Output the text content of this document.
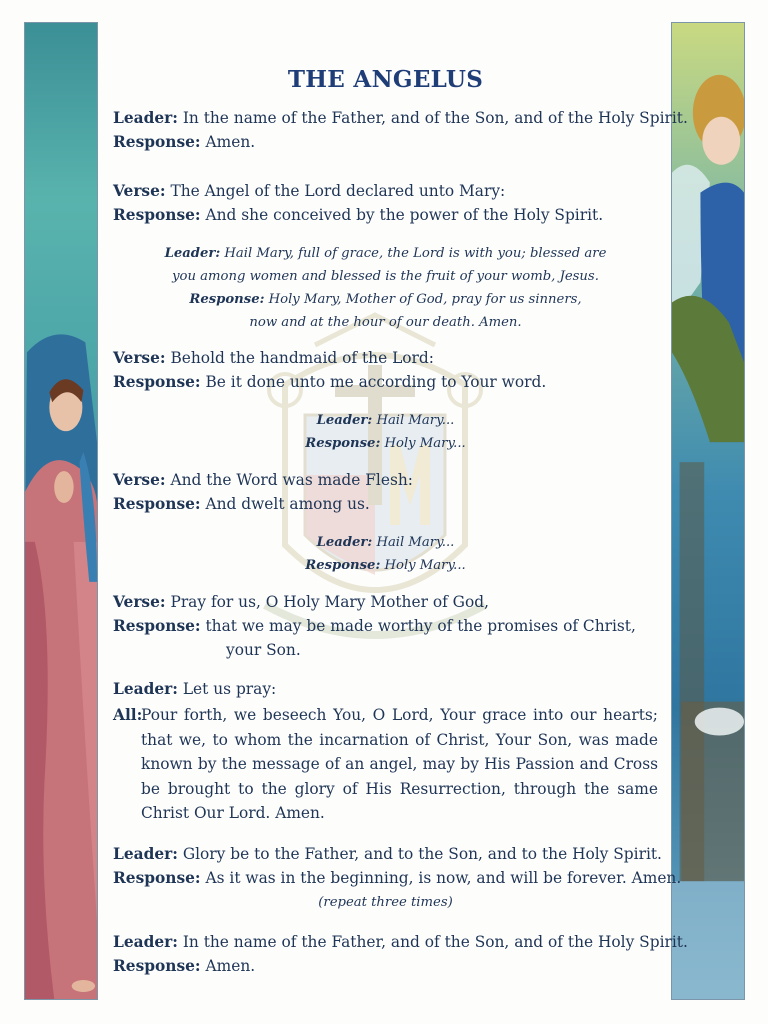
THE ANGELUS
Leader: In the name of the Father, and of the Son, and of the Holy Spirit.
Response: Amen.
Verse: The Angel of the Lord declared unto Mary:
Response: And she conceived by the power of the Holy Spirit.
Leader: Hail Mary, full of grace, the Lord is with you; blessed are
you among women and blessed is the fruit of your womb, Jesus.
Response: Holy Mary, Mother of God, pray for us sinners,
now and at the hour of our death. Amen.
Verse: Behold the handmaid of the Lord:
Response: Be it done unto me according to Your word.
Leader: Hail Mary...
Response: Holy Mary...
Verse: And the Word was made Flesh:
Response: And dwelt among us.
Leader: Hail Mary...
Response: Holy Mary...
Verse: Pray for us, O Holy Mary Mother of God,
Response: that we may be made worthy of the promises of Christ,
your Son.
Leader: Let us pray:
All:
Pour forth, we beseech You, O Lord, Your grace into our hearts; that we, to whom the incarnation of Christ, Your Son, was made known by the message of an angel, may by His Passion and Cross be brought to the glory of His Resurrection, through the same Christ Our Lord. Amen.
Leader: Glory be to the Father, and to the Son, and to the Holy Spirit.
Response: As it was in the beginning, is now, and will be forever. Amen.
(repeat three times)
Leader: In the name of the Father, and of the Son, and of the Holy Spirit.
Response: Amen.
